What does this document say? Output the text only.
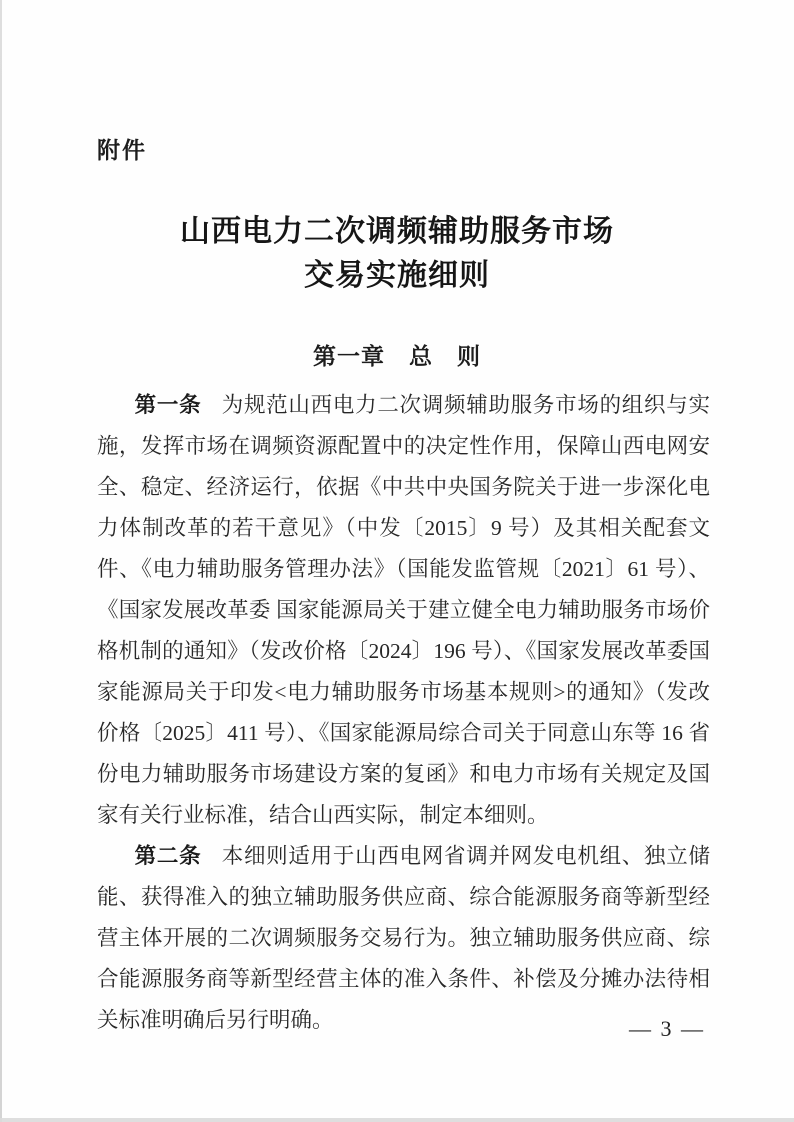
附件
山西电力二次调频辅助服务市场
交易实施细则
第一章　总　则

第一条 为规范山西电力二次调频辅助服务市场的组织与实施，发挥市场在调频资源配置中的决定性作用，保障山西电网安全、稳定、经济运行，依据《中共中央国务院关于进一步深化电力体制改革的若干意见》（中发〔2015〕9 号）及其相关配套文件、《电力辅助服务管理办法》（国能发监管规〔2021〕61 号）、《国家发展改革委 国家能源局关于建立健全电力辅助服务市场价格机制的通知》（发改价格〔2024〕196 号）、《国家发展改革委国家能源局关于印发<电力辅助服务市场基本规则>的通知》（发改价格〔2025〕411 号）、《国家能源局综合司关于同意山东等 16 省份电力辅助服务市场建设方案的复函》和电力市场有关规定及国家有关行业标准，结合山西实际，制定本细则。

第二条 本细则适用于山西电网省调并网发电机组、独立储能、获得准入的独立辅助服务供应商、综合能源服务商等新型经营主体开展的二次调频服务交易行为。独立辅助服务供应商、综合能源服务商等新型经营主体的准入条件、补偿及分摊办法待相关标准明确后另行明确。	— 3 —
